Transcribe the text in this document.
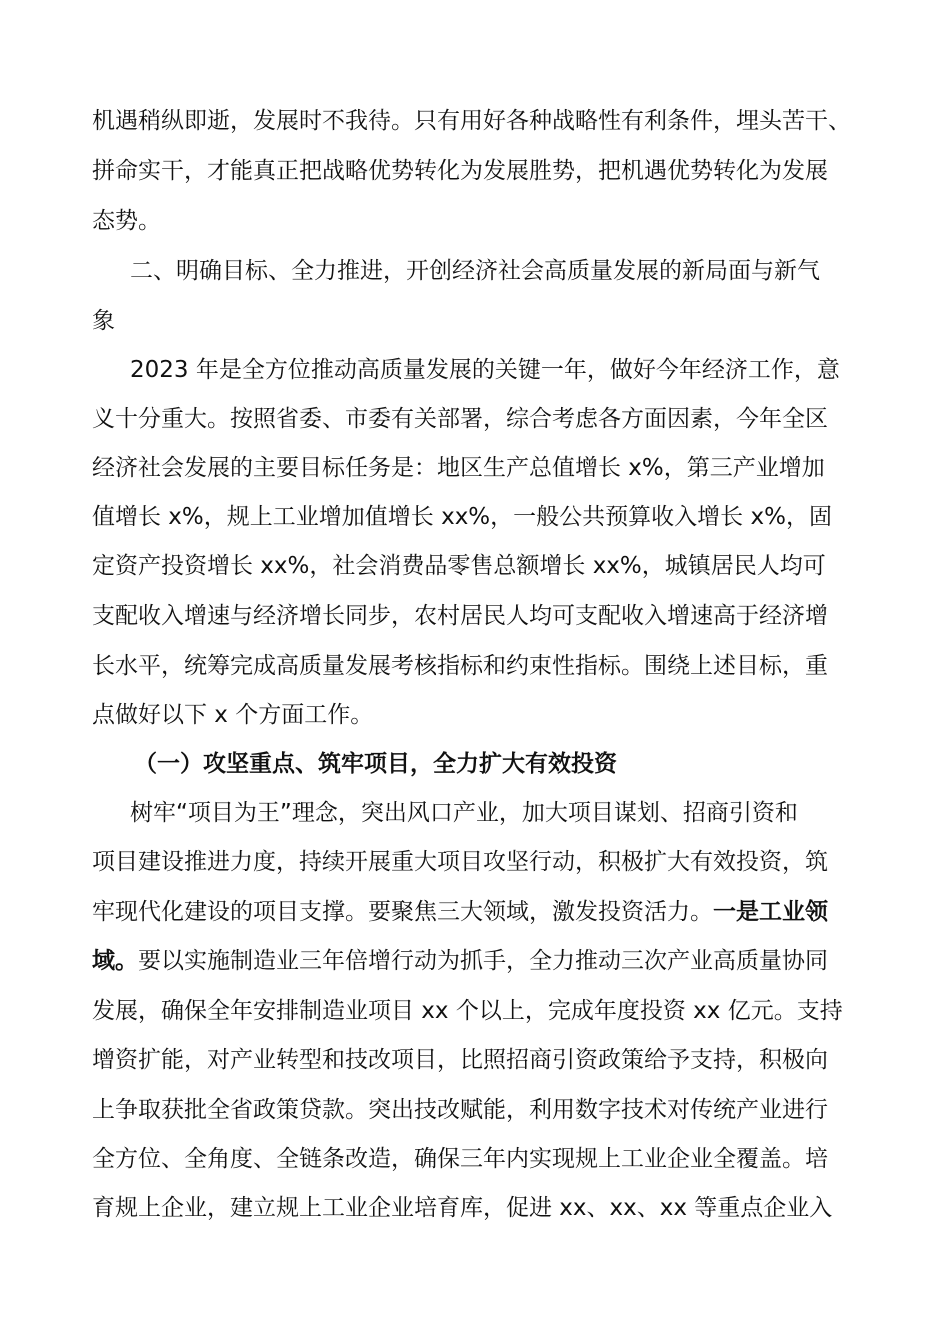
机遇稍纵即逝，发展时不我待。只有用好各种战略性有利条件，埋头苦干、
拼命实干，才能真正把战略优势转化为发展胜势，把机遇优势转化为发展
态势。
二、明确目标、全力推进，开创经济社会高质量发展的新局面与新气
象
2023 年是全方位推动高质量发展的关键一年，做好今年经济工作，意
义十分重大。按照省委、市委有关部署，综合考虑各方面因素，今年全区
经济社会发展的主要目标任务是：地区生产总值增长 x%，第三产业增加
值增长 x%，规上工业增加值增长 xx%，一般公共预算收入增长 x%，固
定资产投资增长 xx%，社会消费品零售总额增长 xx%，城镇居民人均可
支配收入增速与经济增长同步，农村居民人均可支配收入增速高于经济增
长水平，统筹完成高质量发展考核指标和约束性指标。围绕上述目标，重
点做好以下 x 个方面工作。
（一）攻坚重点、筑牢项目，全力扩大有效投资
树牢“项目为王”理念，突出风口产业，加大项目谋划、招商引资和
项目建设推进力度，持续开展重大项目攻坚行动，积极扩大有效投资，筑
牢现代化建设的项目支撑。要聚焦三大领域，激发投资活力。一是工业领
域。要以实施制造业三年倍增行动为抓手，全力推动三次产业高质量协同
发展，确保全年安排制造业项目 xx 个以上，完成年度投资 xx 亿元。支持
增资扩能，对产业转型和技改项目，比照招商引资政策给予支持，积极向
上争取获批全省政策贷款。突出技改赋能，利用数字技术对传统产业进行
全方位、全角度、全链条改造，确保三年内实现规上工业企业全覆盖。培
育规上企业，建立规上工业企业培育库，促进 xx、xx、xx 等重点企业入
